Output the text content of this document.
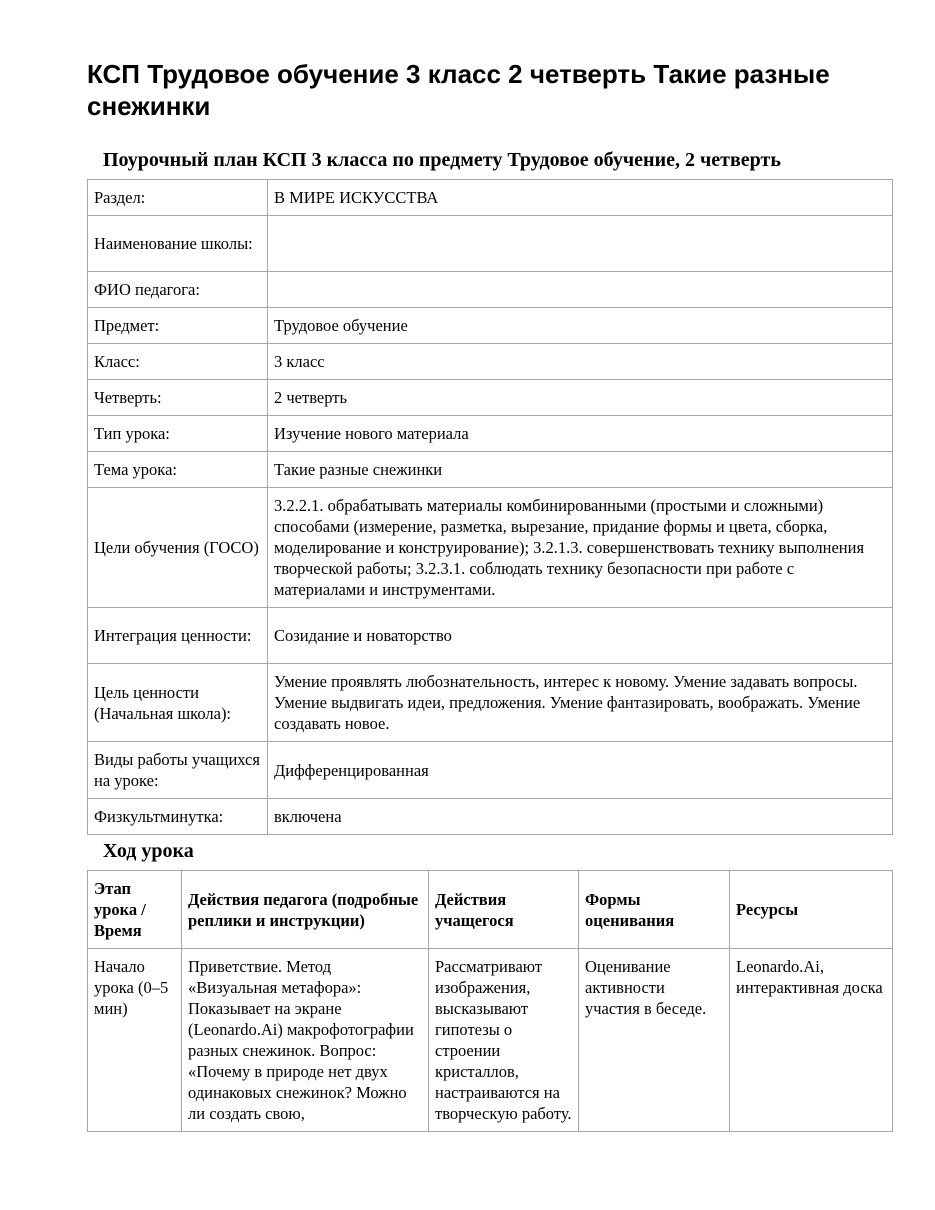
КСП Трудовое обучение 3 класс 2 четверть Такие разные снежинки
Поурочный план КСП 3 класса по предмету Трудовое обучение, 2 четверть
Раздел:	В МИРЕ ИСКУССТВА
Наименование школы:	
ФИО педагога:	
Предмет:	Трудовое обучение
Класс:	3 класс
Четверть:	2 четверть
Тип урока:	Изучение нового материала
Тема урока:	Такие разные снежинки
Цели обучения (ГОСО)	3.2.2.1. обрабатывать материалы комбинированными (простыми и сложными) способами (измерение, разметка, вырезание, придание формы и цвета, сборка, моделирование и конструирование); 3.2.1.3. совершенствовать технику выполнения творческой работы; 3.2.3.1. соблюдать технику безопасности при работе с материалами и инструментами.
Интеграция ценности:	Созидание и новаторство
Цель ценности (Начальная школа):	Умение проявлять любознательность, интерес к новому. Умение задавать вопросы. Умение выдвигать идеи, предложения. Умение фантазировать, воображать. Умение создавать новое.
Виды работы учащихся на уроке:	Дифференцированная
Физкультминутка:	включена
Ход урока
Этап урока / Время	Действия педагога (подробные реплики и инструкции)	Действия учащегося	Формы оценивания	Ресурсы
Начало урока (0–5 мин)	Приветствие. Метод «Визуальная метафора»: Показывает на экране (Leonardo.Ai) макрофотографии разных снежинок. Вопрос: «Почему в природе нет двух одинаковых снежинок? Можно ли создать свою,	Рассматривают изображения, высказывают гипотезы о строении кристаллов, настраиваются на творческую работу.	Оценивание активности участия в беседе.	Leonardo.Ai, интерактивная доска
